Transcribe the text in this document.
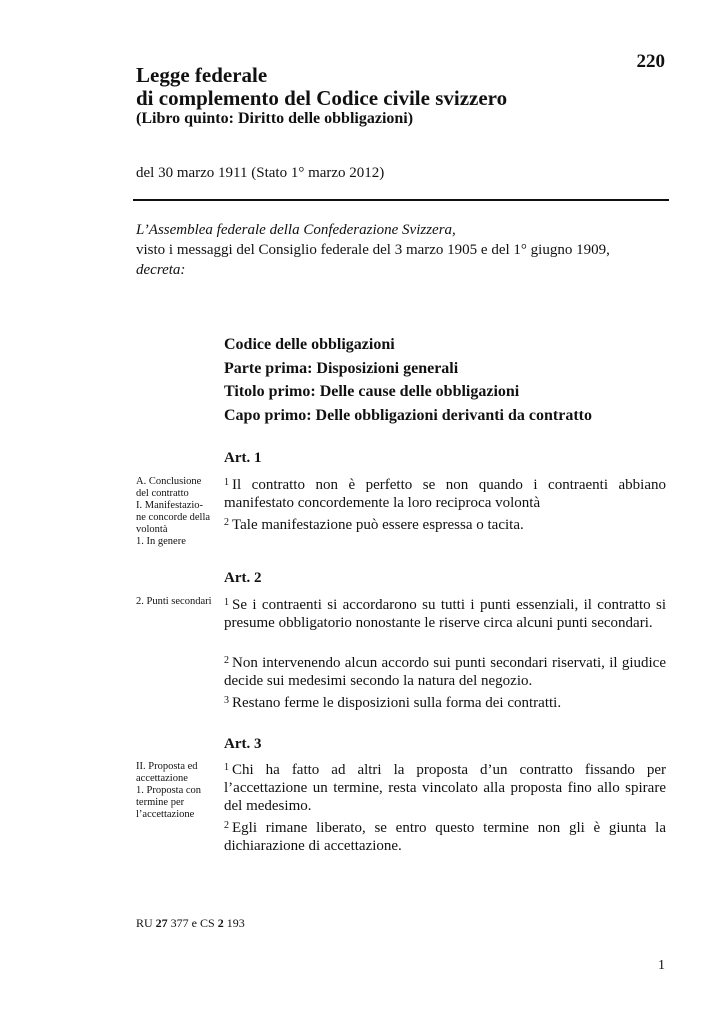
220
Legge federale
di complemento del Codice civile svizzero
(Libro quinto: Diritto delle obbligazioni)
del 30 marzo 1911 (Stato 1° marzo 2012)
L’Assemblea federale della Confederazione Svizzera,
visto i messaggi del Consiglio federale del 3 marzo 1905 e del 1° giugno 1909,
decreta:
Codice delle obbligazioni
Parte prima: Disposizioni generali
Titolo primo: Delle cause delle obbligazioni
Capo primo: Delle obbligazioni derivanti da contratto
Art. 1
A. Conclusione del contratto
I. Manifestazio-ne concorde della volontà
1. In genere
$^1$ Il contratto non è perfetto se non quando i contraenti abbiano manifestato concordemente la loro reciproca volontà
$^2$ Tale manifestazione può essere espressa o tacita.
Art. 2
2. Punti secondari $^1$ Se i contraenti si accordarono su tutti i punti essenziali, il contratto si presume obbligatorio nonostante le riserve circa alcuni punti secondari.
$^2$ Non intervenendo alcun accordo sui punti secondari riservati, il giudice decide sui medesimi secondo la natura del negozio.
$^3$ Restano ferme le disposizioni sulla forma dei contratti.
Art. 3
II. Proposta ed accettazione
1. Proposta con termine per l’accettazione
$^1$ Chi ha fatto ad altri la proposta d’un contratto fissando per l’accettazione un termine, resta vincolato alla proposta fino allo spirare del medesimo.
$^2$ Egli rimane liberato, se entro questo termine non gli è giunta la dichiarazione di accettazione.
RU 27 377 e CS 2 193
1
